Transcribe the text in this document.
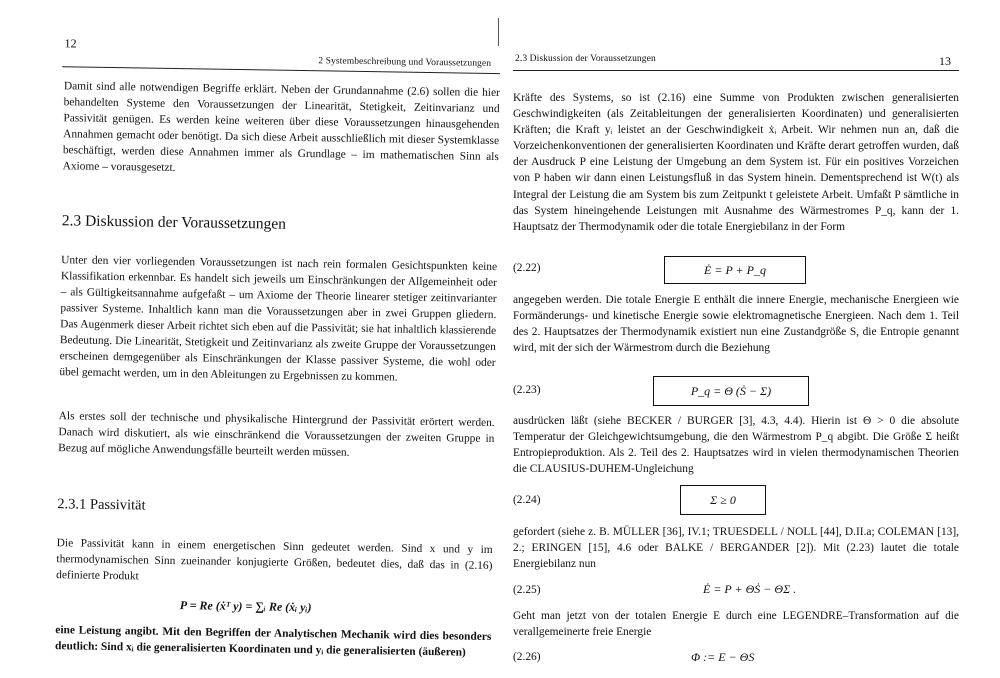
12
2 Systembeschreibung und Voraussetzungen
Damit sind alle notwendigen Begriffe erklärt. Neben der Grundannahme (2.6) sollen die hier behandelten Systeme den Voraussetzungen der Linearität, Stetigkeit, Zeitinvarianz und Passivität genügen. Es werden keine weiteren über diese Voraussetzungen hinausgehenden Annahmen gemacht oder benötigt. Da sich diese Arbeit ausschließlich mit dieser Systemklasse beschäftigt, werden diese Annahmen immer als Grundlage – im mathematischen Sinn als Axiome – vorausgesetzt.
2.3 Diskussion der Voraussetzungen
Unter den vier vorliegenden Voraussetzungen ist nach rein formalen Gesichtspunkten keine Klassifikation erkennbar. Es handelt sich jeweils um Einschränkungen der Allgemeinheit oder – als Gültigkeitsannahme aufgefaßt – um Axiome der Theorie linearer stetiger zeitinvarianter passiver Systeme. Inhaltlich kann man die Voraussetzungen aber in zwei Gruppen gliedern. Das Augenmerk dieser Arbeit richtet sich eben auf die Passivität; sie hat inhaltlich klassierende Bedeutung. Die Linearität, Stetigkeit und Zeitinvarianz als zweite Gruppe der Voraussetzungen erscheinen demgegenüber als Einschränkungen der Klasse passiver Systeme, die wohl oder übel gemacht werden, um in den Ableitungen zu Ergebnissen zu kommen.
Als erstes soll der technische und physikalische Hintergrund der Passivität erörtert werden. Danach wird diskutiert, als wie einschränkend die Voraussetzungen der zweiten Gruppe in Bezug auf mögliche Anwendungsfälle beurteilt werden müssen.
2.3.1 Passivität
Die Passivität kann in einem energetischen Sinn gedeutet werden. Sind x und y im thermodynamischen Sinn zueinander konjugierte Größen, bedeutet dies, daß das in (2.16) definierte Produkt
P = Re (ẋᵀ y) = ∑ᵢ Re (ẋᵢ yᵢ)
eine Leistung angibt. Mit den Begriffen der Analytischen Mechanik wird dies besonders deutlich: Sind xᵢ die generalisierten Koordinaten und yᵢ die generalisierten (äußeren)
2.3 Diskussion der Voraussetzungen	13
Kräfte des Systems, so ist (2.16) eine Summe von Produkten zwischen generalisierten Geschwindigkeiten (als Zeitableitungen der generalisierten Koordinaten) und generalisierten Kräften; die Kraft yᵢ leistet an der Geschwindigkeit ẋᵢ Arbeit. Wir nehmen nun an, daß die Vorzeichenkonventionen der generalisierten Koordinaten und Kräfte derart getroffen wurden, daß der Ausdruck P eine Leistung der Umgebung an dem System ist. Für ein positives Vorzeichen von P haben wir dann einen Leistungsfluß in das System hinein. Dementsprechend ist W(t) als Integral der Leistung die am System bis zum Zeitpunkt t geleistete Arbeit. Umfaßt P sämtliche in das System hineingehende Leistungen mit Ausnahme des Wärmestromes P_q, kann der 1. Hauptsatz der Thermodynamik oder die totale Energiebilanz in der Form
(2.22)	Ė = P + P_q
angegeben werden. Die totale Energie E enthält die innere Energie, mechanische Energieen wie Formänderungs- und kinetische Energie sowie elektromagnetische Energieen. Nach dem 1. Teil des 2. Hauptsatzes der Thermodynamik existiert nun eine Zustandgröße S, die Entropie genannt wird, mit der sich der Wärmestrom durch die Beziehung
(2.23)	P_q = Θ (Ṡ − Σ)
ausdrücken läßt (siehe BECKER / BURGER [3], 4.3, 4.4). Hierin ist Θ > 0 die absolute Temperatur der Gleichgewichtsumgebung, die den Wärmestrom P_q abgibt. Die Größe Σ heißt Entropieproduktion. Als 2. Teil des 2. Hauptsatzes wird in vielen thermodynamischen Theorien die CLAUSIUS-DUHEM-Ungleichung
(2.24)	Σ ≥ 0
gefordert (siehe z. B. MÜLLER [36], IV.1; TRUESDELL / NOLL [44], D.II.a; COLEMAN [13], 2.; ERINGEN [15], 4.6 oder BALKE / BERGANDER [2]). Mit (2.23) lautet die totale Energiebilanz nun
(2.25)	Ė = P + ΘṠ − ΘΣ .
Geht man jetzt von der totalen Energie E durch eine LEGENDRE–Transformation auf die verallgemeinerte freie Energie
(2.26)	Φ := E − ΘS
